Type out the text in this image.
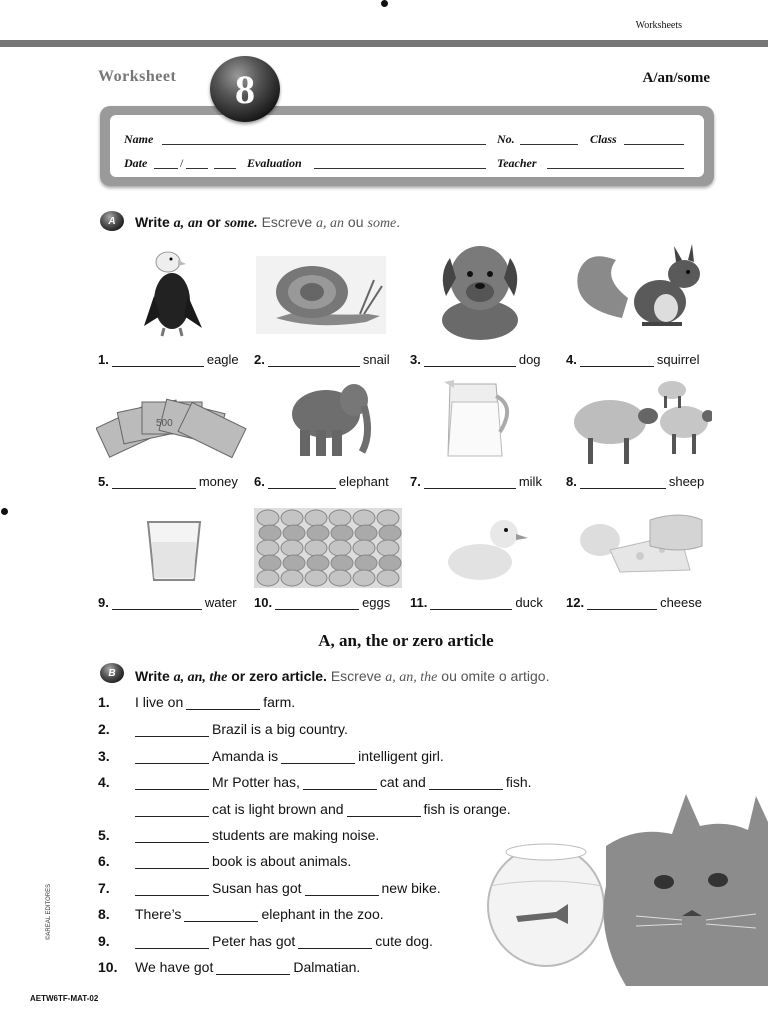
Worksheets
Worksheet	8	A/an/some
Name	No.	Class
Date	/	Evaluation	Teacher
A	Write a, an or some. Escreve a, an ou some.
500
1.	eagle 2.	snail 3.	dog 4.	squirrel
5.	money 6.	elephant 7.	milk 8.	sheep
9.	water 10.	eggs 11.	duck 12.	cheese
A, an, the or zero article
B	Write a, an, the or zero article. Escreve a, an, the ou omite o artigo.
1.	I live on	farm.
2.	Brazil is a big country.
3.	Amanda is	intelligent girl.
4.	Mr Potter has,	cat and	fish.
cat is light brown and	fish is orange.
5.	students are making noise.
6.	book is about animals.
7.	Susan has got	new bike.
8.	There’s	elephant in the zoo.
9.	Peter has got	cute dog.
10.	We have got	Dalmatian.
AETW6TF-MAT-02
©AREAL EDITORES
